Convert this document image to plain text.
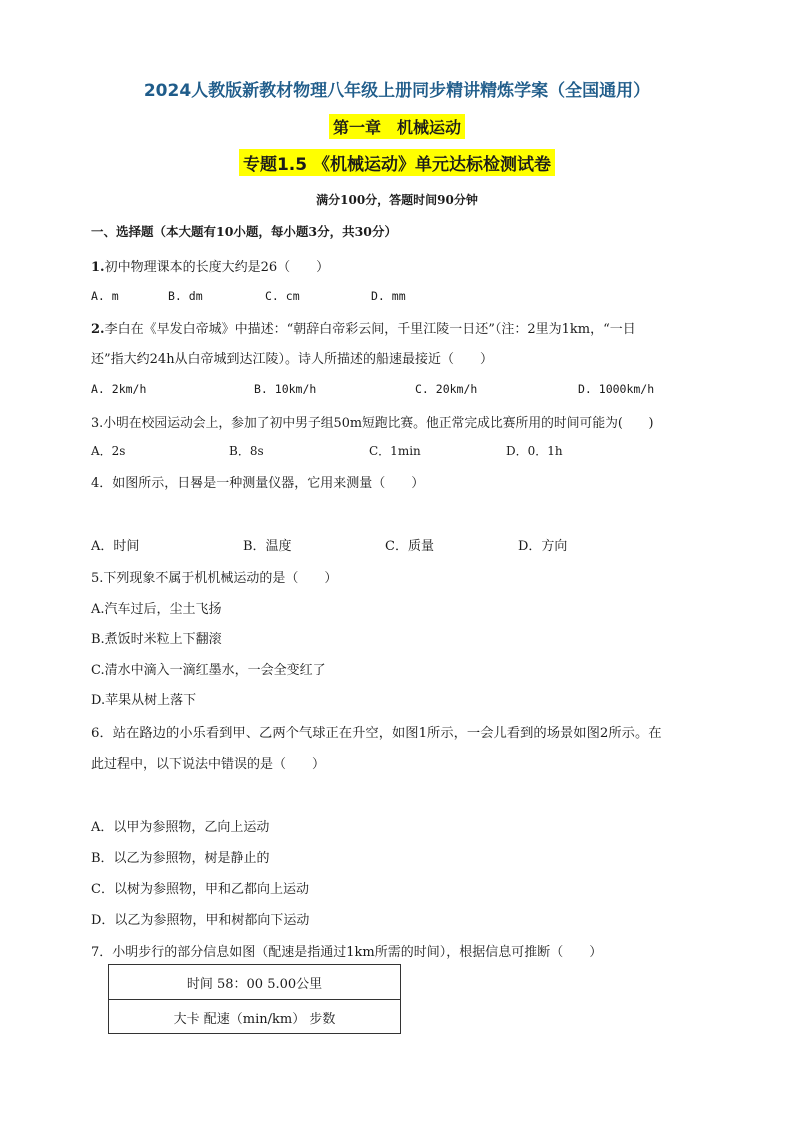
2024人教版新教材物理八年级上册同步精讲精炼学案（全国通用）
第一章　机械运动
专题1.5 《机械运动》单元达标检测试卷
满分100分，答题时间90分钟
一、选择题（本大题有10小题，每小题3分，共30分）
1.初中物理课本的长度大约是26（　　）
A. m	B. dm	C. cm	D. mm
2.李白在《早发白帝城》中描述：“朝辞白帝彩云间，千里江陵一日还”（注：2里为1km，“一日
还”指大约24h从白帝城到达江陵）。诗人所描述的船速最接近（　　）
A. 2km/h	B. 10km/h	C. 20km/h	D. 1000km/h
3.小明在校园运动会上，参加了初中男子组50m短跑比赛。他正常完成比赛所用的时间可能为(　　)
A．2s	B．8s	C．1min	D．0．1h
4．如图所示，日晷是一种测量仪器，它用来测量（　　）
A．时间	B．温度	C．质量	D．方向
5.下列现象不属于机机械运动的是（　　）
A.汽车过后，尘土飞扬
B.煮饭时米粒上下翻滚
C.清水中滴入一滴红墨水，一会全变红了
D.苹果从树上落下
6．站在路边的小乐看到甲、乙两个气球正在升空，如图1所示，一会儿看到的场景如图2所示。在
此过程中，以下说法中错误的是（　　）
A．以甲为参照物，乙向上运动
B．以乙为参照物，树是静止的
C．以树为参照物，甲和乙都向上运动
D．以乙为参照物，甲和树都向下运动
7．小明步行的部分信息如图（配速是指通过1km所需的时间），根据信息可推断（　　）
时间 58：00 5.00公里
大卡 配速（min/km） 步数
